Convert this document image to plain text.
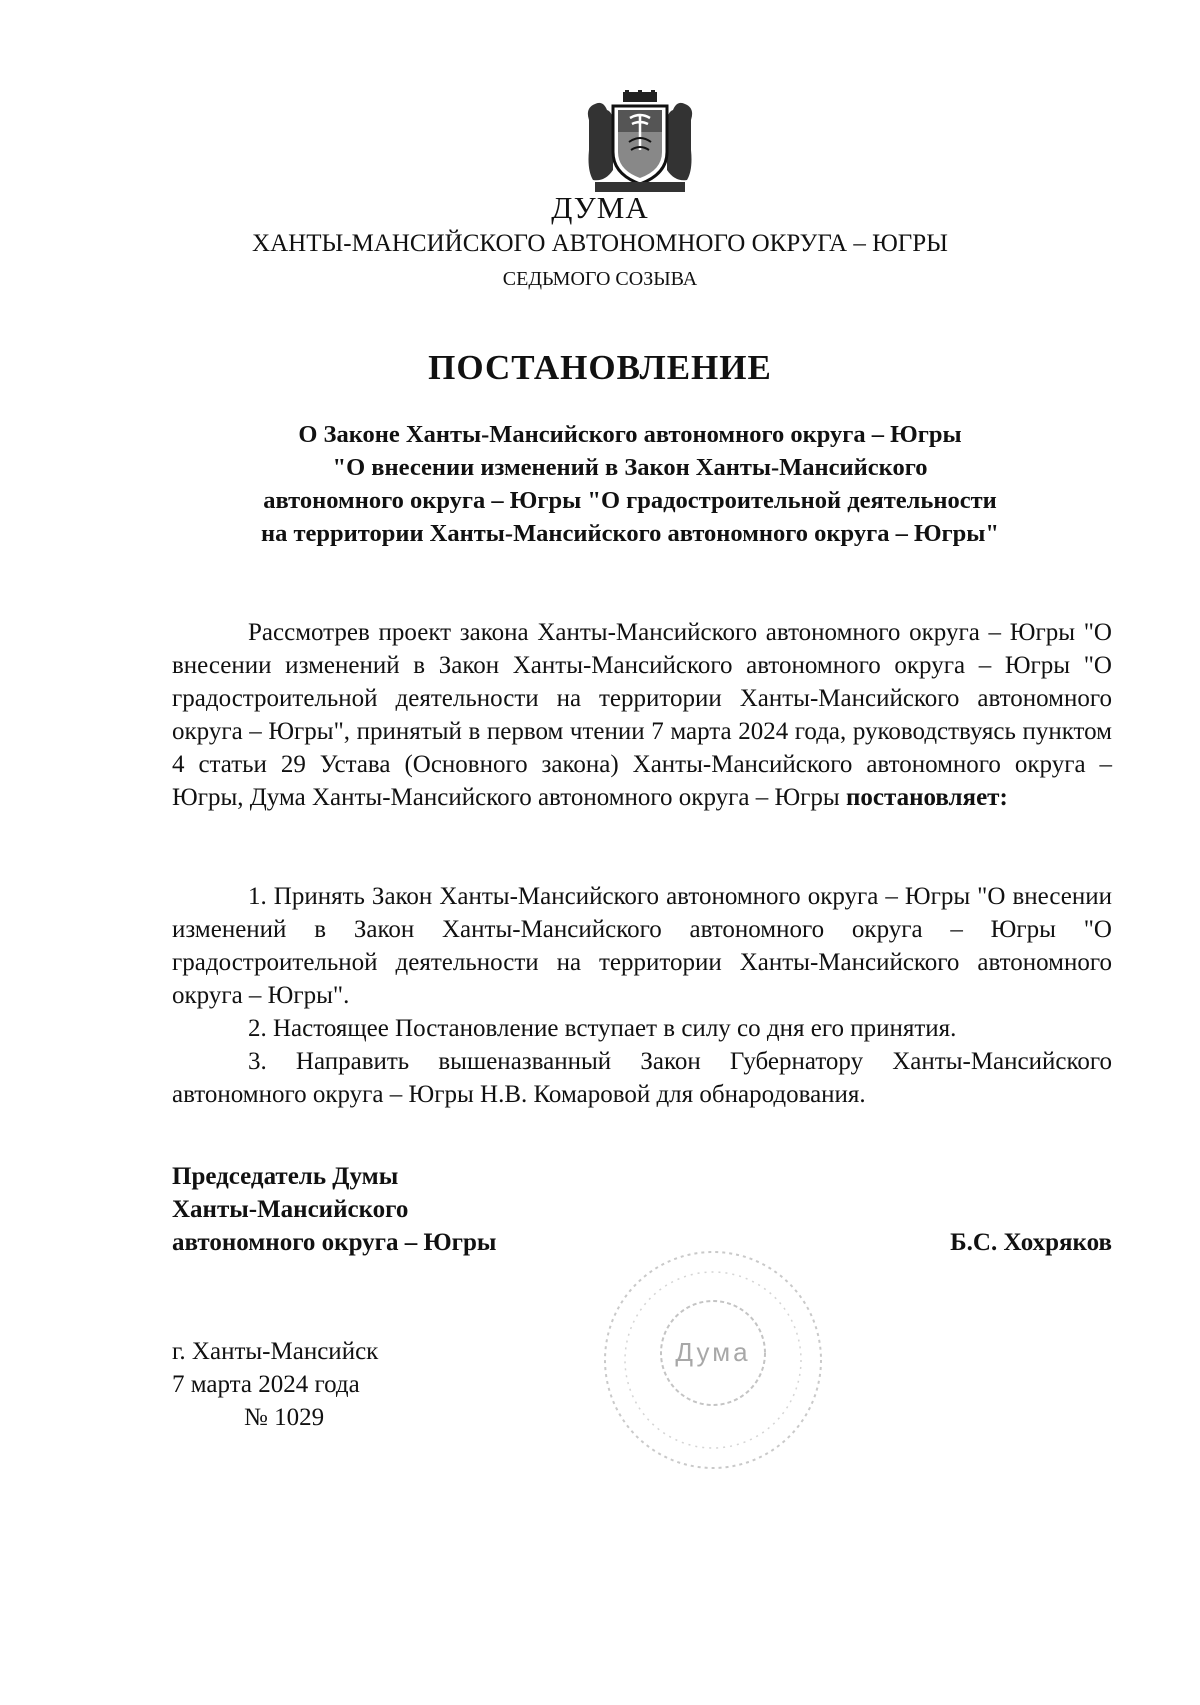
ДУМА
ХАНТЫ-МАНСИЙСКОГО АВТОНОМНОГО ОКРУГА – ЮГРЫ
СЕДЬМОГО СОЗЫВА
ПОСТАНОВЛЕНИЕ
О Законе Ханты-Мансийского автономного округа – Югры
"О внесении изменений в Закон Ханты-Мансийского
автономного округа – Югры "О градостроительной деятельности
на территории Ханты-Мансийского автономного округа – Югры"

Рассмотрев проект закона Ханты-Мансийского автономного округа – Югры "О внесении изменений в Закон Ханты-Мансийского автономного округа – Югры "О градостроительной деятельности на территории Ханты-Мансийского автономного округа – Югры", принятый в первом чтении 7 марта 2024 года, руководствуясь пунктом 4 статьи 29 Устава (Основного закона) Ханты-Мансийского автономного округа – Югры, Дума Ханты-Мансийского автономного округа – Югры постановляет:

1. Принять Закон Ханты-Мансийского автономного округа – Югры "О внесении изменений в Закон Ханты-Мансийского автономного округа – Югры "О градостроительной деятельности на территории Ханты-Мансийского автономного округа – Югры".

2. Настоящее Постановление вступает в силу со дня его принятия.

3. Направить вышеназванный Закон Губернатору Ханты-Мансийского автономного округа – Югры Н.В. Комаровой для обнародования.

Председатель Думы
Ханты-Мансийского
автономного округа – Югры	Б.С. Хохряков
Дума
г. Ханты-Мансийск
7 марта 2024 года
№ 1029
